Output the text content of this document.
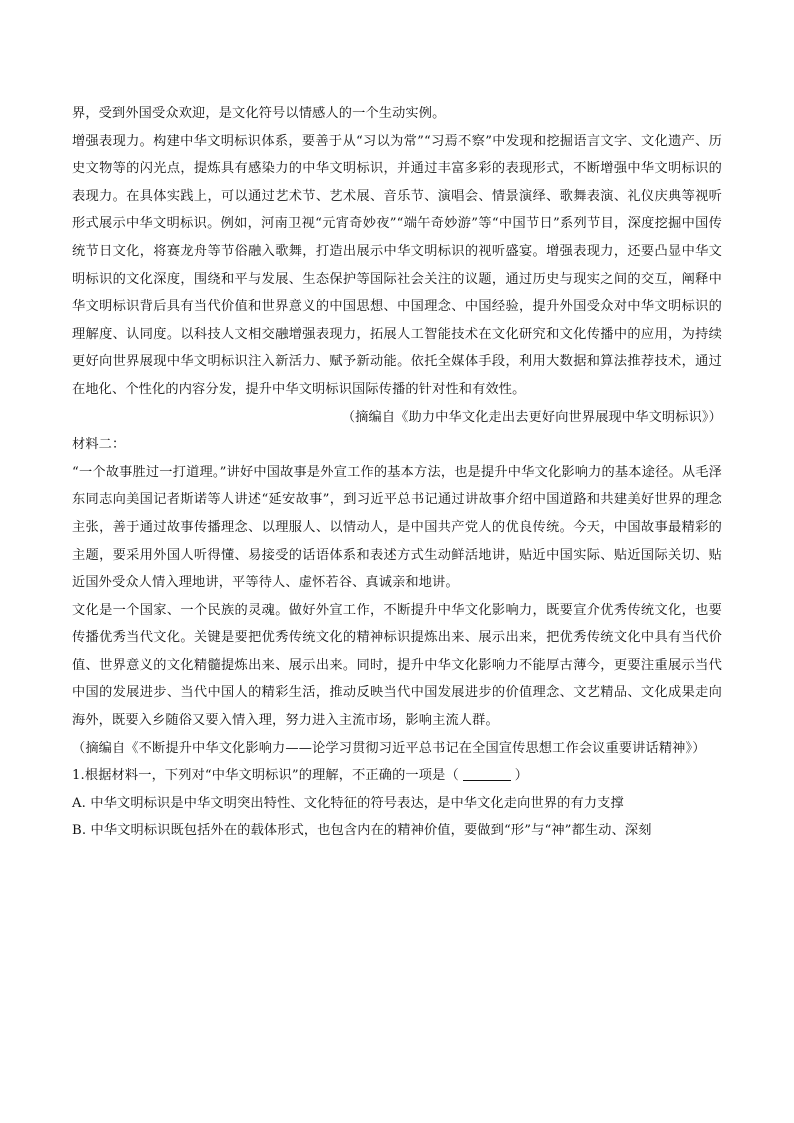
界，受到外国受众欢迎，是文化符号以情感人的一个生动实例。

增强表现力。构建中华文明标识体系，要善于从“习以为常”“习焉不察”中发现和挖掘语言文字、文化遗产、历史文物等的闪光点，提炼具有感染力的中华文明标识，并通过丰富多彩的表现形式，不断增强中华文明标识的表现力。在具体实践上，可以通过艺术节、艺术展、音乐节、演唱会、情景演绎、歌舞表演、礼仪庆典等视听形式展示中华文明标识。例如，河南卫视“元宵奇妙夜”“端午奇妙游”等“中国节日”系列节目，深度挖掘中国传统节日文化，将赛龙舟等节俗融入歌舞，打造出展示中华文明标识的视听盛宴。增强表现力，还要凸显中华文明标识的文化深度，围绕和平与发展、生态保护等国际社会关注的议题，通过历史与现实之间的交互，阐释中华文明标识背后具有当代价值和世界意义的中国思想、中国理念、中国经验，提升外国受众对中华文明标识的理解度、认同度。以科技人文相交融增强表现力，拓展人工智能技术在文化研究和文化传播中的应用，为持续更好向世界展现中华文明标识注入新活力、赋予新动能。依托全媒体手段，利用大数据和算法推荐技术，通过在地化、个性化的内容分发，提升中华文明标识国际传播的针对性和有效性。

（摘编自《助力中华文化走出去更好向世界展现中华文明标识》）

材料二：

“一个故事胜过一打道理。”讲好中国故事是外宣工作的基本方法，也是提升中华文化影响力的基本途径。从毛泽东同志向美国记者斯诺等人讲述“延安故事”，到习近平总书记通过讲故事介绍中国道路和共建美好世界的理念主张，善于通过故事传播理念、以理服人、以情动人，是中国共产党人的优良传统。今天，中国故事最精彩的主题，要采用外国人听得懂、易接受的话语体系和表述方式生动鲜活地讲，贴近中国实际、贴近国际关切、贴近国外受众人情入理地讲，平等待人、虚怀若谷、真诚亲和地讲。

文化是一个国家、一个民族的灵魂。做好外宣工作，不断提升中华文化影响力，既要宣介优秀传统文化，也要传播优秀当代文化。关键是要把优秀传统文化的精神标识提炼出来、展示出来，把优秀传统文化中具有当代价值、世界意义的文化精髓提炼出来、展示出来。同时，提升中华文化影响力不能厚古薄今，更要注重展示当代中国的发展进步、当代中国人的精彩生活，推动反映当代中国发展进步的价值理念、文艺精品、文化成果走向海外，既要入乡随俗又要入情入理，努力进入主流市场，影响主流人群。

（摘编自《不断提升中华文化影响力——论学习贯彻习近平总书记在全国宣传思想工作会议重要讲话精神》）

1.根据材料一，下列对“中华文明标识”的理解，不正确的一项是（	）

A. 中华文明标识是中华文明突出特性、文化特征的符号表达，是中华文化走向世界的有力支撑

B. 中华文明标识既包括外在的载体形式，也包含内在的精神价值，要做到“形”与“神”都生动、深刻
